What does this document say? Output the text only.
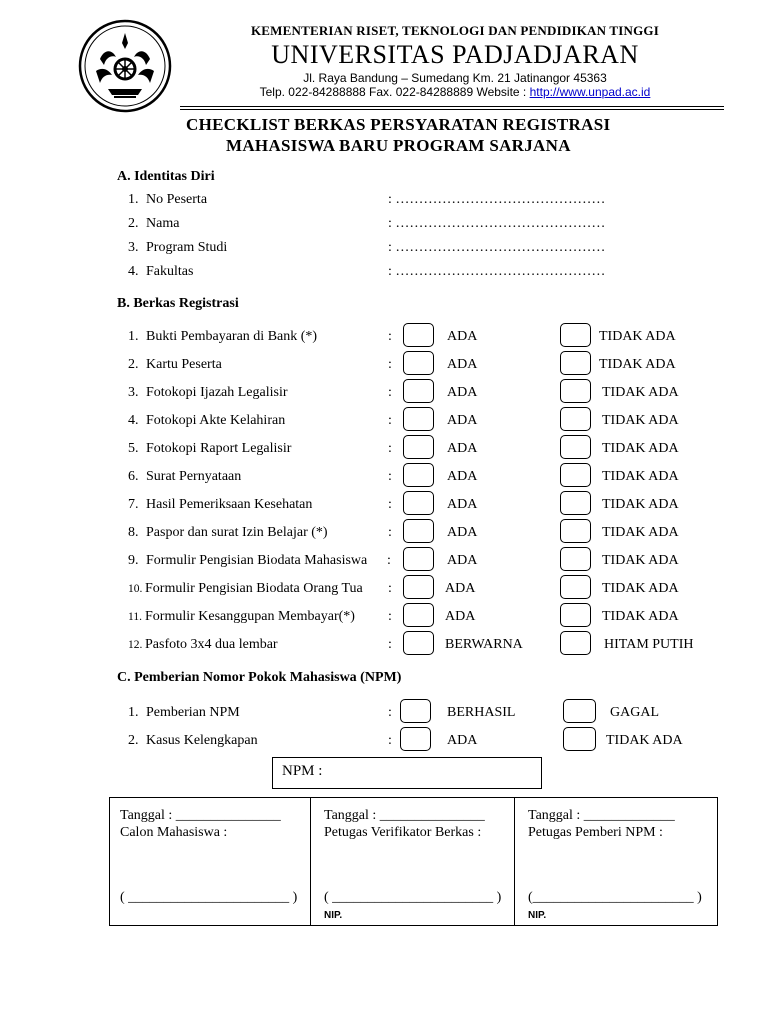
KEMENTERIAN RISET, TEKNOLOGI DAN PENDIDIKAN TINGGI
UNIVERSITAS PADJADJARAN
Jl. Raya Bandung – Sumedang Km. 21 Jatinangor 45363
Telp. 022-84288888 Fax. 022-84288889 Website : http://www.unpad.ac.id
CHECKLIST BERKAS PERSYARATAN REGISTRASI
MAHASISWA BARU PROGRAM SARJANA
A. Identitas Diri
1. No Peserta	: ………………………………………
2. Nama	: ………………………………………
3. Program Studi	: ………………………………………
4. Fakultas	: ………………………………………
B. Berkas Registrasi
1. Bukti Pembayaran di Bank (*)	:	ADA	TIDAK ADA
2. Kartu Peserta	:	ADA	TIDAK ADA
3. Fotokopi Ijazah Legalisir	:	ADA	TIDAK ADA
4. Fotokopi Akte Kelahiran	:	ADA	TIDAK ADA
5. Fotokopi Raport Legalisir	:	ADA	TIDAK ADA
6. Surat Pernyataan	:	ADA	TIDAK ADA
7. Hasil Pemeriksaan Kesehatan	:	ADA	TIDAK ADA
8. Paspor dan surat Izin Belajar (*)	:	ADA	TIDAK ADA
9. Formulir Pengisian Biodata Mahasiswa :	ADA	TIDAK ADA
10. Formulir Pengisian Biodata Orang Tua :	ADA	TIDAK ADA
11. Formulir Kesanggupan Membayar(*) :	ADA	TIDAK ADA
12. Pasfoto 3x4 dua lembar	:	BERWARNA	HITAM PUTIH
C. Pemberian Nomor Pokok Mahasiswa (NPM)
1. Pemberian NPM	:	BERHASIL	GAGAL
2. Kasus Kelengkapan	:	ADA	TIDAK ADA
NPM :
Tanggal : _______________
Calon Mahasiswa :
( _______________________ )
Tanggal : _______________
Petugas Verifikator Berkas :
( _______________________ )
NIP.
Tanggal : _____________
Petugas Pemberi NPM :
(_______________________ )
NIP.
